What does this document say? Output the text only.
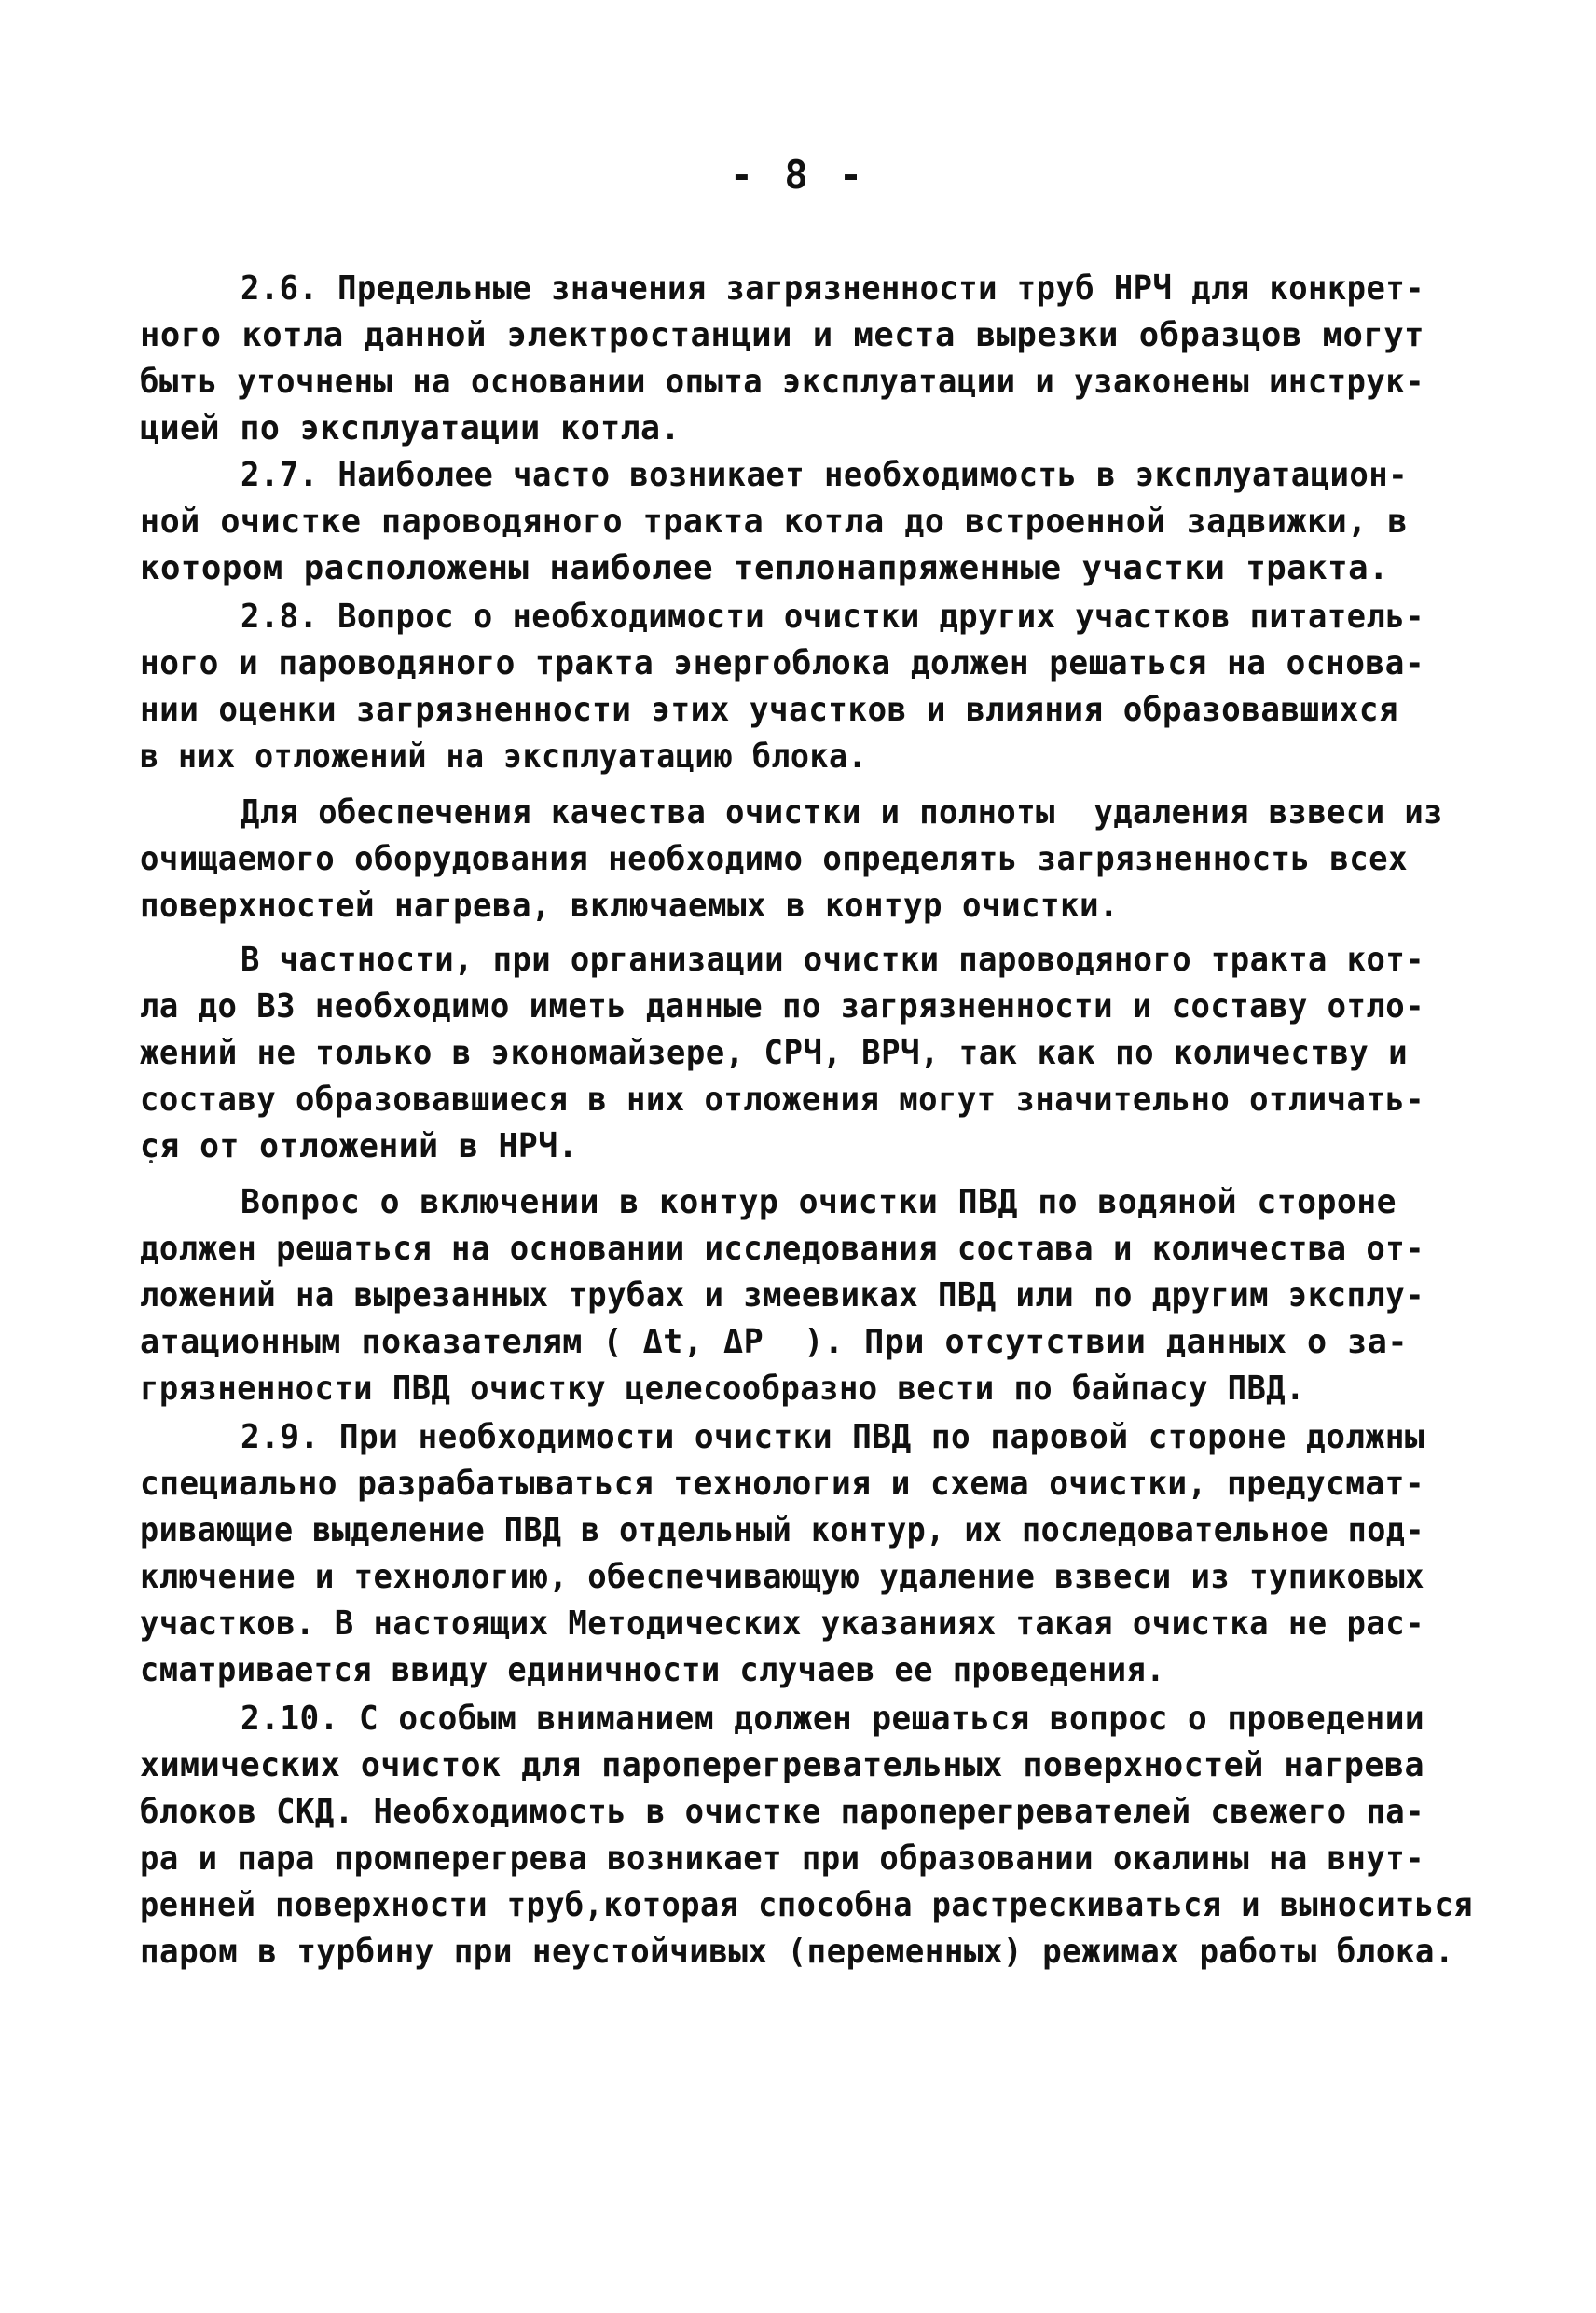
- 8 -
2.6. Предельные значения загрязненности труб НРЧ для конкрет-
ного котла данной электростанции и места вырезки образцов могут
быть уточнены на основании опыта эксплуатации и узаконены инструк-
цией по эксплуатации котла.
2.7. Наиболее часто возникает необходимость в эксплуатацион-
ной очистке пароводяного тракта котла до встроенной задвижки, в
котором расположены наиболее теплонапряженные участки тракта.
2.8. Вопрос о необходимости очистки других участков питатель-
ного и пароводяного тракта энергоблока должен решаться на основа-
нии оценки загрязненности этих участков и влияния образовавшихся
в них отложений на эксплуатацию блока.
Для обеспечения качества очистки и полноты  удаления взвеси из
очищаемого оборудования необходимо определять загрязненность всех
поверхностей нагрева, включаемых в контур очистки.
В частности, при организации очистки пароводяного тракта кот-
ла до ВЗ необходимо иметь данные по загрязненности и составу отло-
жений не только в экономайзере, СРЧ, ВРЧ, так как по количеству и
составу образовавшиеся в них отложения могут значительно отличать-
ся от отложений в НРЧ.
Вопрос о включении в контур очистки ПВД по водяной стороне
должен решаться на основании исследования состава и количества от-
ложений на вырезанных трубах и змеевиках ПВД или по другим эксплу-
атационным показателям ( Δt, ΔP  ). При отсутствии данных о за-
грязненности ПВД очистку целесообразно вести по байпасу ПВД.
2.9. При необходимости очистки ПВД по паровой стороне должны
специально разрабатываться технология и схема очистки, предусмат-
ривающие выделение ПВД в отдельный контур, их последовательное под-
ключение и технологию, обеспечивающую удаление взвеси из тупиковых
участков. В настоящих Методических указаниях такая очистка не рас-
сматривается ввиду единичности случаев ее проведения.
2.10. С особым вниманием должен решаться вопрос о проведении
химических очисток для пароперегревательных поверхностей нагрева
блоков СКД. Необходимость в очистке пароперегревателей свежего па-
ра и пара промперегрева возникает при образовании окалины на внут-
ренней поверхности труб,которая способна растрескиваться и выноситься
паром в турбину при неустойчивых (переменных) режимах работы блока.
